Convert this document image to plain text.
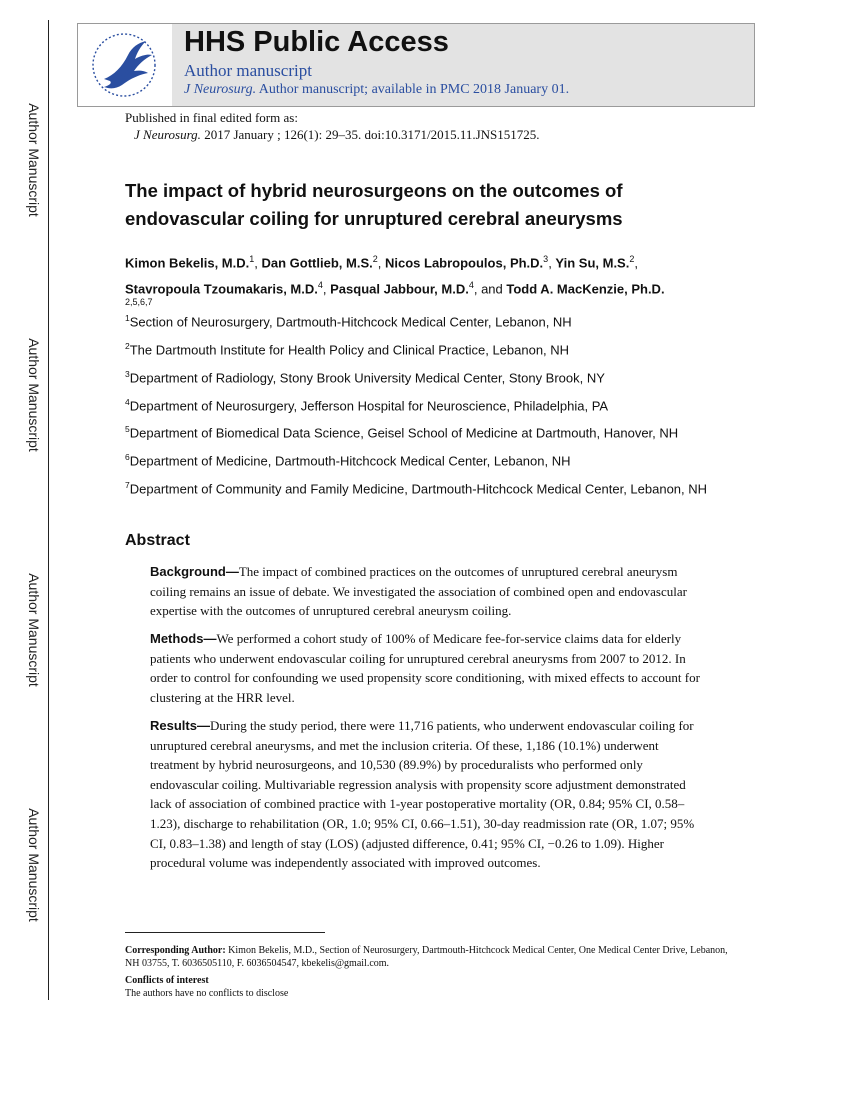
Author Manuscript
Author Manuscript
Author Manuscript
Author Manuscript
HHS Public Access
Author manuscript
J Neurosurg. Author manuscript; available in PMC 2018 January 01.
Published in final edited form as:
J Neurosurg. 2017 January ; 126(1): 29–35. doi:10.3171/2015.11.JNS151725.
The impact of hybrid neurosurgeons on the outcomes of endovascular coiling for unruptured cerebral aneurysms
Kimon Bekelis, M.D.$^1$, Dan Gottlieb, M.S.$^2$, Nicos Labropoulos, Ph.D.$^3$, Yin Su, M.S.$^2$,
Stavropoula Tzoumakaris, M.D.$^4$, Pasqual Jabbour, M.D.$^4$, and Todd A. MacKenzie, Ph.D.
2,5,6,7
$^1$Section of Neurosurgery, Dartmouth-Hitchcock Medical Center, Lebanon, NH
$^2$The Dartmouth Institute for Health Policy and Clinical Practice, Lebanon, NH
$^3$Department of Radiology, Stony Brook University Medical Center, Stony Brook, NY
$^4$Department of Neurosurgery, Jefferson Hospital for Neuroscience, Philadelphia, PA
$^5$Department of Biomedical Data Science, Geisel School of Medicine at Dartmouth, Hanover, NH
$^6$Department of Medicine, Dartmouth-Hitchcock Medical Center, Lebanon, NH
$^7$Department of Community and Family Medicine, Dartmouth-Hitchcock Medical Center, Lebanon, NH
Abstract
Background—The impact of combined practices on the outcomes of unruptured cerebral aneurysm coiling remains an issue of debate. We investigated the association of combined open and endovascular expertise with the outcomes of unruptured cerebral aneurysm coiling.
Methods—We performed a cohort study of 100% of Medicare fee-for-service claims data for elderly patients who underwent endovascular coiling for unruptured cerebral aneurysms from 2007 to 2012. In order to control for confounding we used propensity score conditioning, with mixed effects to account for clustering at the HRR level.
Results—During the study period, there were 11,716 patients, who underwent endovascular coiling for unruptured cerebral aneurysms, and met the inclusion criteria. Of these, 1,186 (10.1%) underwent treatment by hybrid neurosurgeons, and 10,530 (89.9%) by proceduralists who performed only endovascular coiling. Multivariable regression analysis with propensity score adjustment demonstrated lack of association of combined practice with 1-year postoperative mortality (OR, 0.84; 95% CI, 0.58–1.23), discharge to rehabilitation (OR, 1.0; 95% CI, 0.66–1.51), 30-day readmission rate (OR, 1.07; 95% CI, 0.83–1.38) and length of stay (LOS) (adjusted difference, 0.41; 95% CI, −0.26 to 1.09). Higher procedural volume was independently associated with improved outcomes.
Corresponding Author: Kimon Bekelis, M.D., Section of Neurosurgery, Dartmouth-Hitchcock Medical Center, One Medical Center Drive, Lebanon, NH 03755, T. 6036505110, F. 6036504547, kbekelis@gmail.com.
Conflicts of interest
The authors have no conflicts to disclose
